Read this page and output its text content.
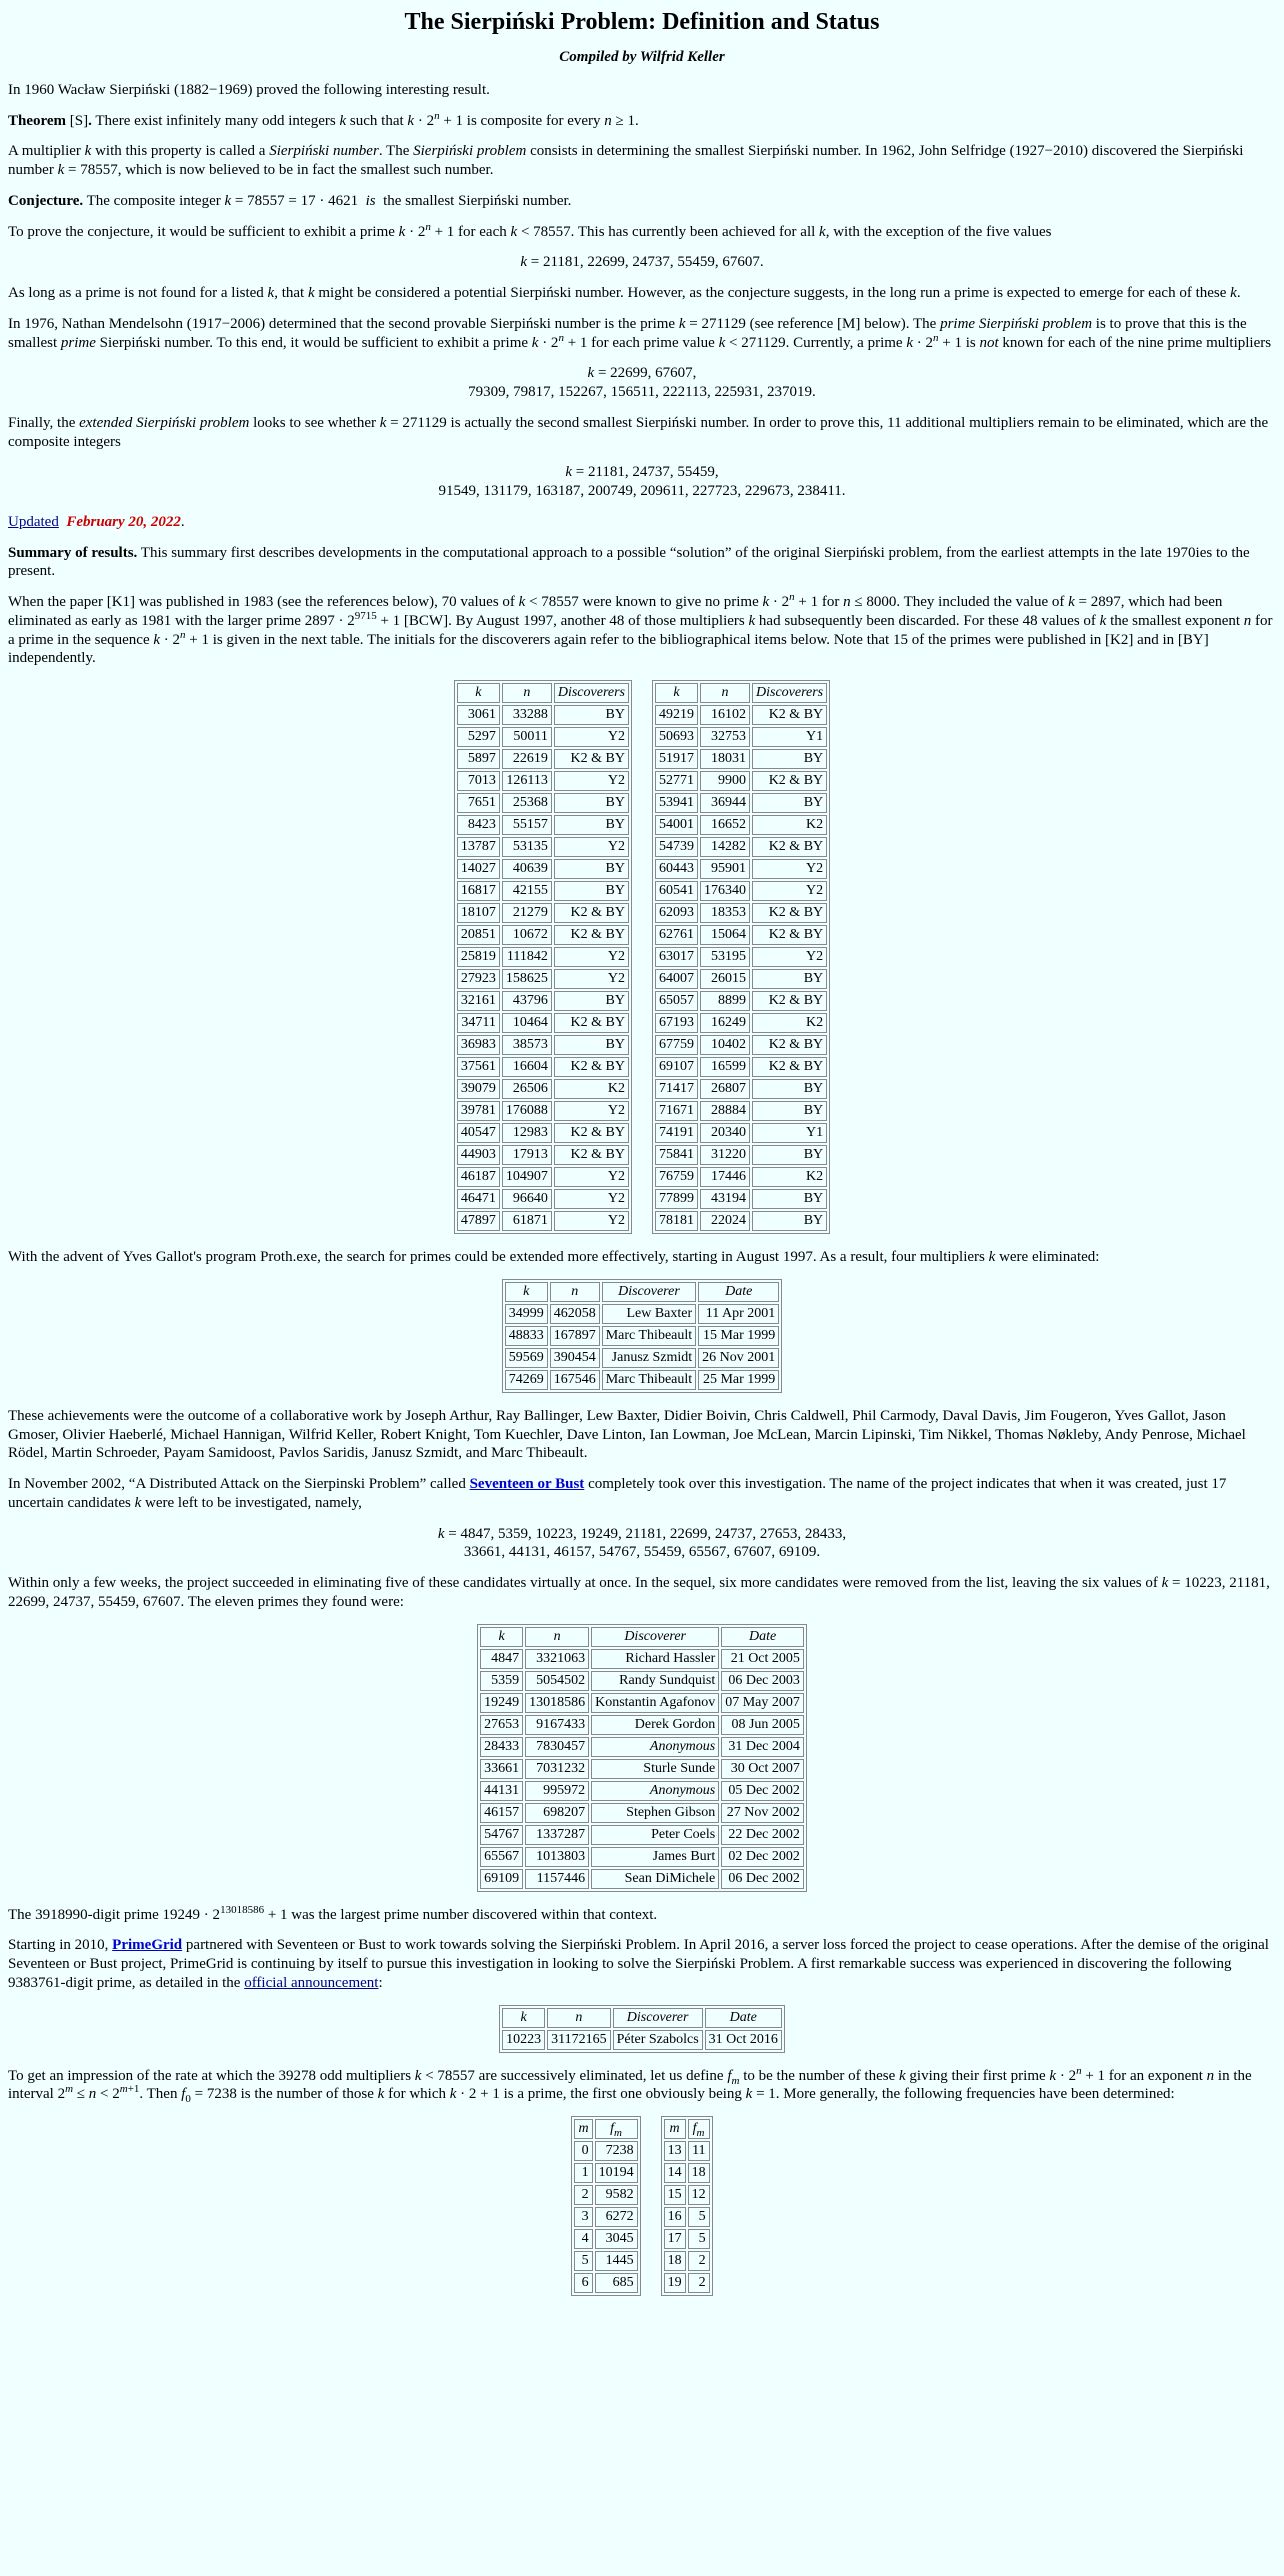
The Sierpiński Problem: Definition and Status
Compiled by Wilfrid Keller

In 1960 Wacław Sierpiński (1882−1969) proved the following interesting result.

Theorem [S]. There exist infinitely many odd integers k such that $k \cdot 2^n + 1$ is composite for every n ≥ 1.

A multiplier k with this property is called a Sierpiński number. The Sierpiński problem consists in determining the smallest Sierpiński number. In 1962, John Selfridge (1927−2010) discovered the Sierpiński number k = 78557, which is now believed to be in fact the smallest such number.

Conjecture. The composite integer k = 78557 = 17 · 4621 is the smallest Sierpiński number.

To prove the conjecture, it would be sufficient to exhibit a prime $k \cdot 2^n + 1$ for each k < 78557. This has currently been achieved for all k, with the exception of the five values

k = 21181, 22699, 24737, 55459, 67607.

As long as a prime is not found for a listed k, that k might be considered a potential Sierpiński number. However, as the conjecture suggests, in the long run a prime is expected to emerge for each of these k.

In 1976, Nathan Mendelsohn (1917−2006) determined that the second provable Sierpiński number is the prime k = 271129 (see reference [M] below). The prime Sierpiński problem is to prove that this is the smallest prime Sierpiński number. To this end, it would be sufficient to exhibit a prime $k \cdot 2^n + 1$ for each prime value k < 271129. Currently, a prime $k \cdot 2^n + 1$ is not known for each of the nine prime multipliers

k = 22699, 67607,
79309, 79817, 152267, 156511, 222113, 225931, 237019.

Finally, the extended Sierpiński problem looks to see whether k = 271129 is actually the second smallest Sierpiński number. In order to prove this, 11 additional multipliers remain to be eliminated, which are the composite integers

k = 21181, 24737, 55459,
91549, 131179, 163187, 200749, 209611, 227723, 229673, 238411.

Updated February 20, 2022.

Summary of results. This summary first describes developments in the computational approach to a possible “solution” of the original Sierpiński problem, from the earliest attempts in the late 1970ies to the present.

When the paper [K1] was published in 1983 (see the references below), 70 values of k < 78557 were known to give no prime $k \cdot 2^n + 1$ for n ≤ 8000. They included the value of k = 2897, which had been eliminated as early as 1981 with the larger prime $2897 \cdot 2^{9715} + 1$ [BCW]. By August 1997, another 48 of those multipliers k had subsequently been discarded. For these 48 values of k the smallest exponent n for a prime in the sequence $k \cdot 2^n + 1$ is given in the next table. The initials for the discoverers again refer to the bibliographical items below. Note that 15 of the primes were published in [K2] and in [BY] independently.

k	n	Discoverers
3061	33288	BY
5297	50011	Y2
5897	22619	K2 & BY
7013	126113	Y2
7651	25368	BY
8423	55157	BY
13787	53135	Y2
14027	40639	BY
16817	42155	BY
18107	21279	K2 & BY
20851	10672	K2 & BY
25819	111842	Y2
27923	158625	Y2
32161	43796	BY
34711	10464	K2 & BY
36983	38573	BY
37561	16604	K2 & BY
39079	26506	K2
39781	176088	Y2
40547	12983	K2 & BY
44903	17913	K2 & BY
46187	104907	Y2
46471	96640	Y2
47897	61871	Y2
k	n	Discoverers
49219	16102	K2 & BY
50693	32753	Y1
51917	18031	BY
52771	9900	K2 & BY
53941	36944	BY
54001	16652	K2
54739	14282	K2 & BY
60443	95901	Y2
60541	176340	Y2
62093	18353	K2 & BY
62761	15064	K2 & BY
63017	53195	Y2
64007	26015	BY
65057	8899	K2 & BY
67193	16249	K2
67759	10402	K2 & BY
69107	16599	K2 & BY
71417	26807	BY
71671	28884	BY
74191	20340	Y1
75841	31220	BY
76759	17446	K2
77899	43194	BY
78181	22024	BY

With the advent of Yves Gallot's program Proth.exe, the search for primes could be extended more effectively, starting in August 1997. As a result, four multipliers k were eliminated:

k	n	Discoverer	Date
34999	462058	Lew Baxter	11 Apr 2001
48833	167897	Marc Thibeault	15 Mar 1999
59569	390454	Janusz Szmidt	26 Nov 2001
74269	167546	Marc Thibeault	25 Mar 1999

These achievements were the outcome of a collaborative work by Joseph Arthur, Ray Ballinger, Lew Baxter, Didier Boivin, Chris Caldwell, Phil Carmody, Daval Davis, Jim Fougeron, Yves Gallot, Jason Gmoser, Olivier Haeberlé, Michael Hannigan, Wilfrid Keller, Robert Knight, Tom Kuechler, Dave Linton, Ian Lowman, Joe McLean, Marcin Lipinski, Tim Nikkel, Thomas Nøkleby, Andy Penrose, Michael Rödel, Martin Schroeder, Payam Samidoost, Pavlos Saridis, Janusz Szmidt, and Marc Thibeault.

In November 2002, “A Distributed Attack on the Sierpinski Problem” called Seventeen or Bust completely took over this investigation. The name of the project indicates that when it was created, just 17 uncertain candidates k were left to be investigated, namely,

k = 4847, 5359, 10223, 19249, 21181, 22699, 24737, 27653, 28433,
33661, 44131, 46157, 54767, 55459, 65567, 67607, 69109.

Within only a few weeks, the project succeeded in eliminating five of these candidates virtually at once. In the sequel, six more candidates were removed from the list, leaving the six values of k = 10223, 21181, 22699, 24737, 55459, 67607. The eleven primes they found were:

k	n	Discoverer	Date
4847	3321063	Richard Hassler	21 Oct 2005
5359	5054502	Randy Sundquist	06 Dec 2003
19249	13018586	Konstantin Agafonov	07 May 2007
27653	9167433	Derek Gordon	08 Jun 2005
28433	7830457	Anonymous	31 Dec 2004
33661	7031232	Sturle Sunde	30 Oct 2007
44131	995972	Anonymous	05 Dec 2002
46157	698207	Stephen Gibson	27 Nov 2002
54767	1337287	Peter Coels	22 Dec 2002
65567	1013803	James Burt	02 Dec 2002
69109	1157446	Sean DiMichele	06 Dec 2002

The 3918990-digit prime $19249 \cdot 2^{13018586} + 1$ was the largest prime number discovered within that context.

Starting in 2010, PrimeGrid partnered with Seventeen or Bust to work towards solving the Sierpiński Problem. In April 2016, a server loss forced the project to cease operations. After the demise of the original Seventeen or Bust project, PrimeGrid is continuing by itself to pursue this investigation in looking to solve the Sierpiński Problem. A first remarkable success was experienced in discovering the following 9383761-digit prime, as detailed in the official announcement:

k	n	Discoverer	Date
10223	31172165	Péter Szabolcs	31 Oct 2016

To get an impression of the rate at which the 39278 odd multipliers k < 78557 are successively eliminated, let us define $f_m$ to be the number of these k giving their first prime $k \cdot 2^n + 1$ for an exponent n in the interval $2^m \le n < 2^{m+1}$. Then $f_0 = 7238$ is the number of those k for which k · 2 + 1 is a prime, the first one obviously being k = 1. More generally, the following frequencies have been determined:

m	$f_m$
0	7238
1	10194
2	9582
3	6272
4	3045
5	1445
6	685
m	$f_m$
13	11
14	18
15	12
16	5
17	5
18	2
19	2
